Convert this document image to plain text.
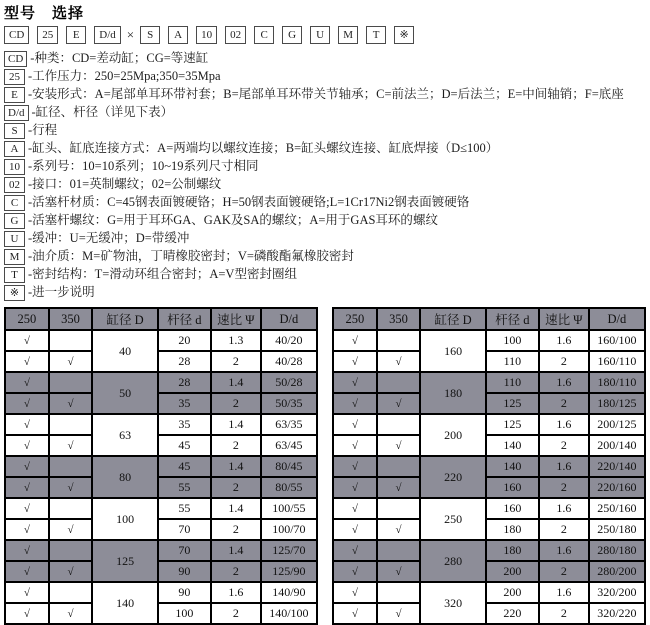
型号　选择
CD	25	E	D/d ×	S	A	10	02	C	G	U	M	T	※
CD -种类：CD=差动缸；CG=等速缸
25 -工作压力：250=25Mpa;350=35Mpa
E -安装形式：A=尾部单耳环带衬套；B=尾部单耳环带关节轴承；C=前法兰；D=后法兰；E=中间轴销；F=底座
D/d -缸径、杆径（详见下表）
S -行程
A -缸头、缸底连接方式：A=两端均以螺纹连接；B=缸头螺纹连接、缸底焊接（D≤100）
10 -系列号：10=10系列；10~19系列尺寸相同
02 -接口：01=英制螺纹；02=公制螺纹
C -活塞杆材质：C=45钢表面镀硬铬；H=50钢表面镀硬铬;L=1Cr17Ni2钢表面镀硬铬
G -活塞杆螺纹：G=用于耳环GA、GAK及SA的螺纹；A=用于GAS耳环的螺纹
U -缓冲：U=无缓冲；D=带缓冲
M -油介质：M=矿物油，丁晴橡胶密封；V=磷酸酯氟橡胶密封
T -密封结构：T=滑动环组合密封；A=V型密封圈组
※ -进一步说明
250	350	缸径 D	杆径 d	速比 Ψ	D/d
√		40	20	1.3	40/20
√	√		28	2	40/28
√		50	28	1.4	50/28
√	√		35	2	50/35
√		63	35	1.4	63/35
√	√		45	2	63/45
√		80	45	1.4	80/45
√	√		55	2	80/55
√		100	55	1.4	100/55
√	√		70	2	100/70
√		125	70	1.4	125/70
√	√		90	2	125/90
√		140	90	1.6	140/90
√	√		100	2	140/100
250	350	缸径 D	杆径 d	速比 Ψ	D/d
√		160	100	1.6	160/100
√	√		110	2	160/110
√		180	110	1.6	180/110
√	√		125	2	180/125
√		200	125	1.6	200/125
√	√		140	2	200/140
√		220	140	1.6	220/140
√	√		160	2	220/160
√		250	160	1.6	250/160
√	√		180	2	250/180
√		280	180	1.6	280/180
√	√		200	2	280/200
√		320	200	1.6	320/200
√	√		220	2	320/220
